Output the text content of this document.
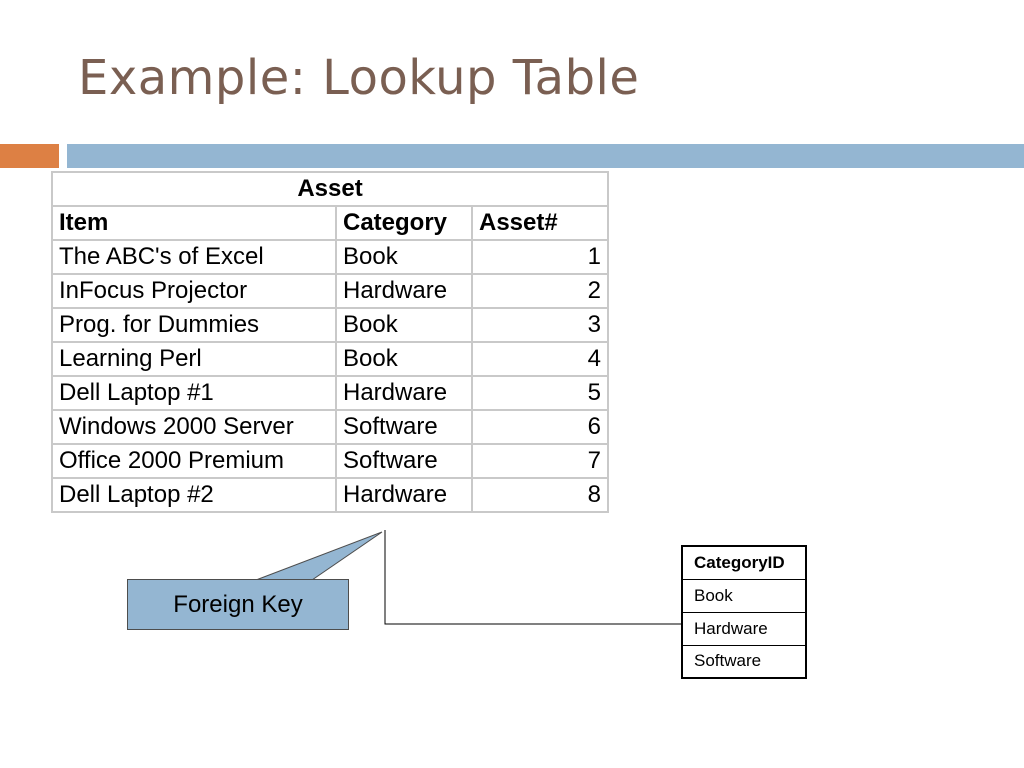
Example: Lookup Table
Asset		
Item	Category	Asset#
The ABC's of Excel	Book	1
InFocus Projector	Hardware	2
Prog. for Dummies	Book	3
Learning Perl	Book	4
Dell Laptop #1	Hardware	5
Windows 2000 Server	Software	6
Office 2000 Premium	Software	7
Dell Laptop #2	Hardware	8
Foreign Key
CategoryID
Book
Hardware
Software
